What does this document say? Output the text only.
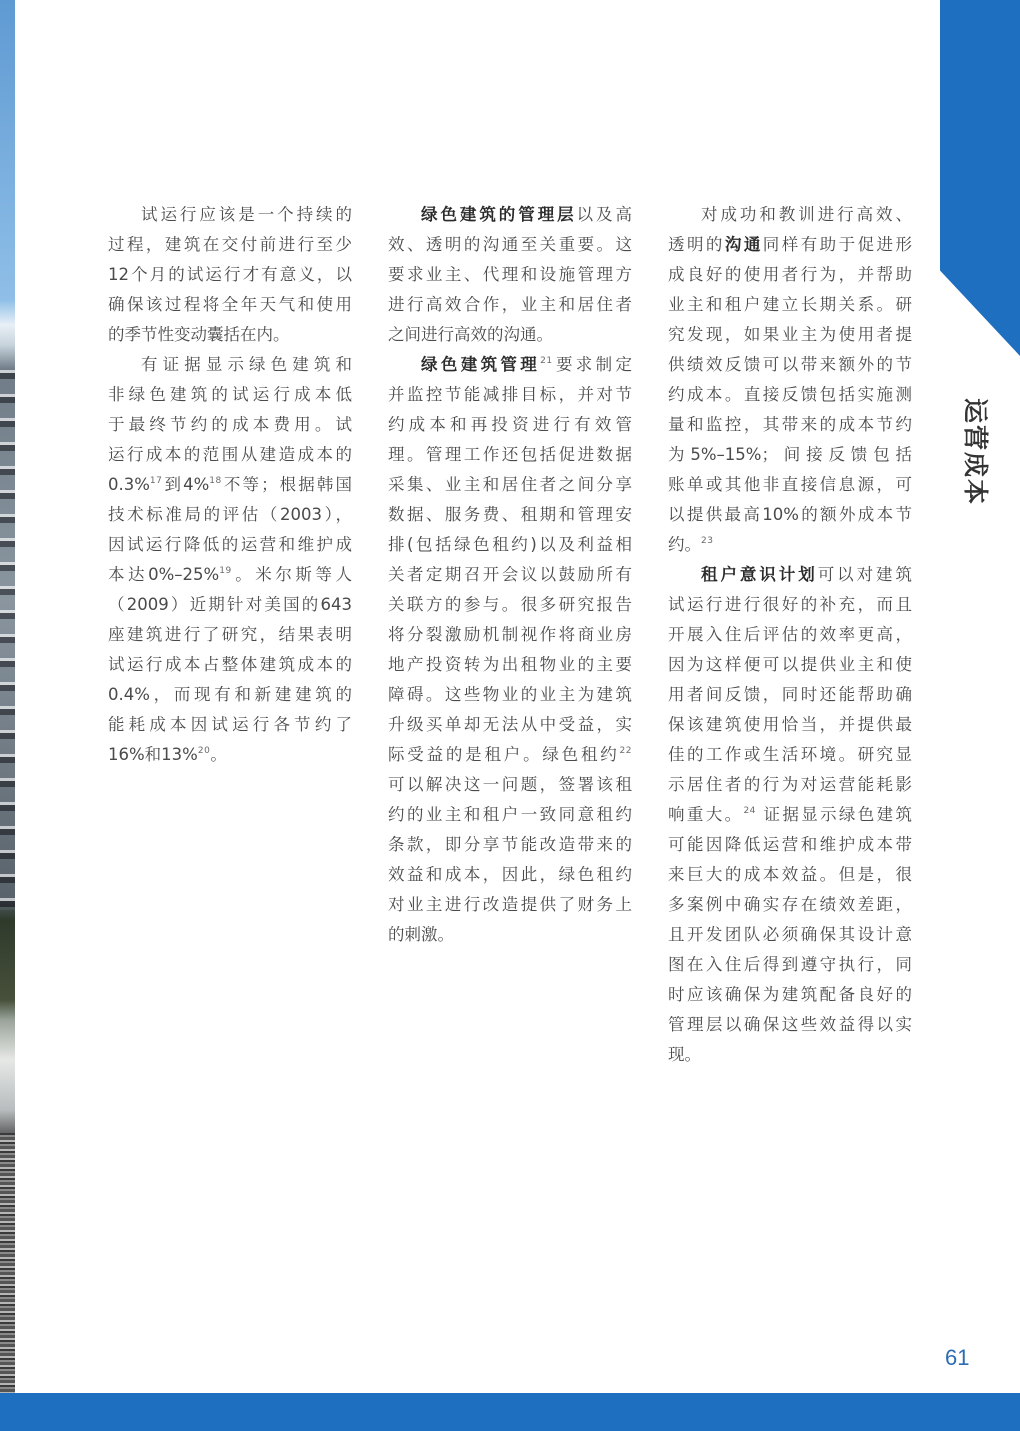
运营成本
试运行应该是一个持续的
过程，建筑在交付前进行至少
12个月的试运行才有意义，以
确保该过程将全年天气和使用
的季节性变动囊括在内。
有证据显示绿色建筑和
非绿色建筑的试运行成本低
于最终节约的成本费用。试
运行成本的范围从建造成本的
0.3%$^{17}$到4%$^{18}$不等；根据韩国
技术标准局的评估（2003），
因试运行降低的运营和维护成
本达0%–25%$^{19}$。米尔斯等人
（2009）近期针对美国的643
座建筑进行了研究，结果表明
试运行成本占整体建筑成本的
0.4%，而现有和新建建筑的
能耗成本因试运行各节约了
16%和13%$^{20}$。
绿色建筑的管理层以及高
效、透明的沟通至关重要。这
要求业主、代理和设施管理方
进行高效合作，业主和居住者
之间进行高效的沟通。
绿色建筑管理$^{21}$要求制定
并监控节能减排目标，并对节
约成本和再投资进行有效管
理。管理工作还包括促进数据
采集、业主和居住者之间分享
数据、服务费、租期和管理安
排(包括绿色租约)以及利益相
关者定期召开会议以鼓励所有
关联方的参与。很多研究报告
将分裂激励机制视作将商业房
地产投资转为出租物业的主要
障碍。这些物业的业主为建筑
升级买单却无法从中受益，实
际受益的是租户。绿色租约$^{22}$
可以解决这一问题，签署该租
约的业主和租户一致同意租约
条款，即分享节能改造带来的
效益和成本，因此，绿色租约
对业主进行改造提供了财务上
的刺激。
对成功和教训进行高效、
透明的沟通同样有助于促进形
成良好的使用者行为，并帮助
业主和租户建立长期关系。研
究发现，如果业主为使用者提
供绩效反馈可以带来额外的节
约成本。直接反馈包括实施测
量和监控，其带来的成本节约
为5%–15%；间接反馈包括
账单或其他非直接信息源，可
以提供最高10%的额外成本节
约。$^{23}$
租户意识计划可以对建筑
试运行进行很好的补充，而且
开展入住后评估的效率更高，
因为这样便可以提供业主和使
用者间反馈，同时还能帮助确
保该建筑使用恰当，并提供最
佳的工作或生活环境。研究显
示居住者的行为对运营能耗影
响重大。$^{24}$ 证据显示绿色建筑
可能因降低运营和维护成本带
来巨大的成本效益。但是，很
多案例中确实存在绩效差距，
且开发团队必须确保其设计意
图在入住后得到遵守执行，同
时应该确保为建筑配备良好的
管理层以确保这些效益得以实
现。
61
